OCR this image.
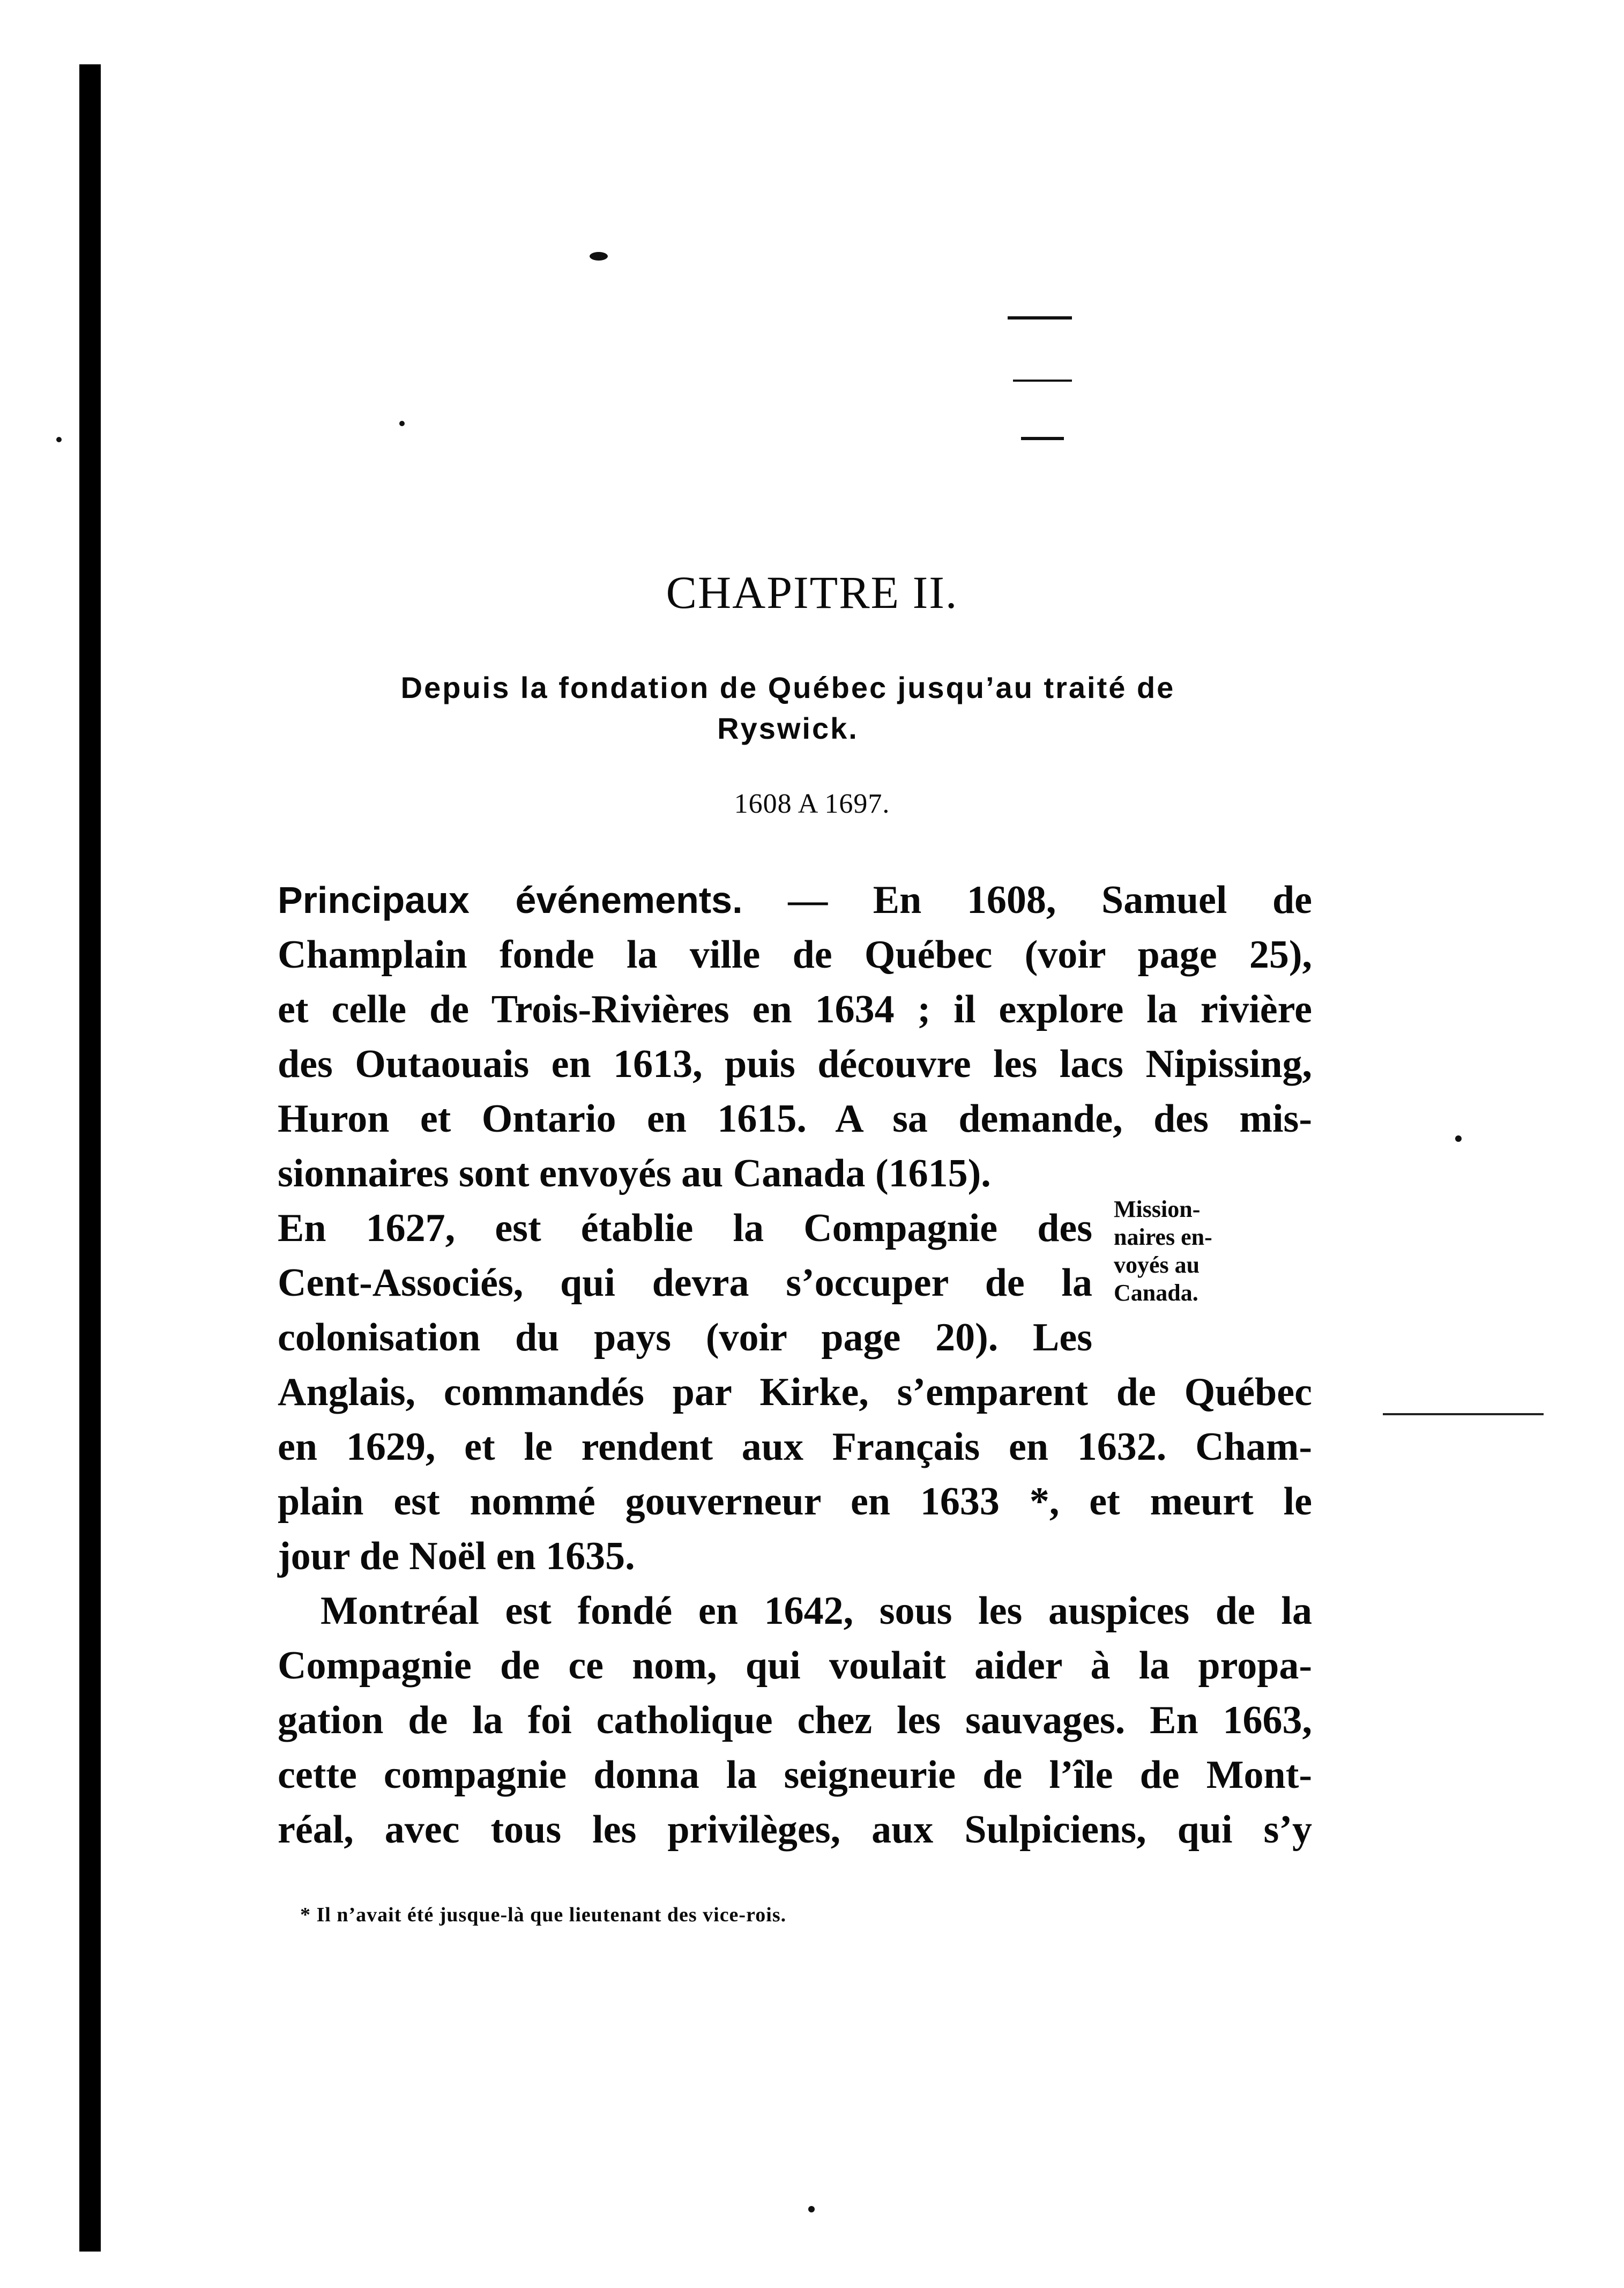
CHAPITRE II.
Depuis la fondation de Québec jusqu’au traité de
Ryswick.
1608 A 1697.
Principaux événements. — En 1608, Samuel de
Champlain fonde la ville de Québec (voir page 25),
et celle de Trois-Rivières en 1634 ; il explore la rivière
des Outaouais en 1613, puis découvre les lacs Nipissing,
Huron et Ontario en 1615. A sa demande, des mis-
sionnaires sont envoyés au Canada (1615).
En 1627, est établie la Compagnie des
Cent-Associés, qui devra s’occuper de la
colonisation du pays (voir page 20). Les
Anglais, commandés par Kirke, s’emparent de Québec
en 1629, et le rendent aux Français en 1632. Cham-
plain est nommé gouverneur en 1633 *, et meurt le
jour de Noël en 1635.
Montréal est fondé en 1642, sous les auspices de la
Compagnie de ce nom, qui voulait aider à la propa-
gation de la foi catholique chez les sauvages. En 1663,
cette compagnie donna la seigneurie de l’île de Mont-
réal, avec tous les privilèges, aux Sulpiciens, qui s’y
Mission-
naires en-
voyés au
Canada.
* Il n’avait été jusque-là que lieutenant des vice-rois.
